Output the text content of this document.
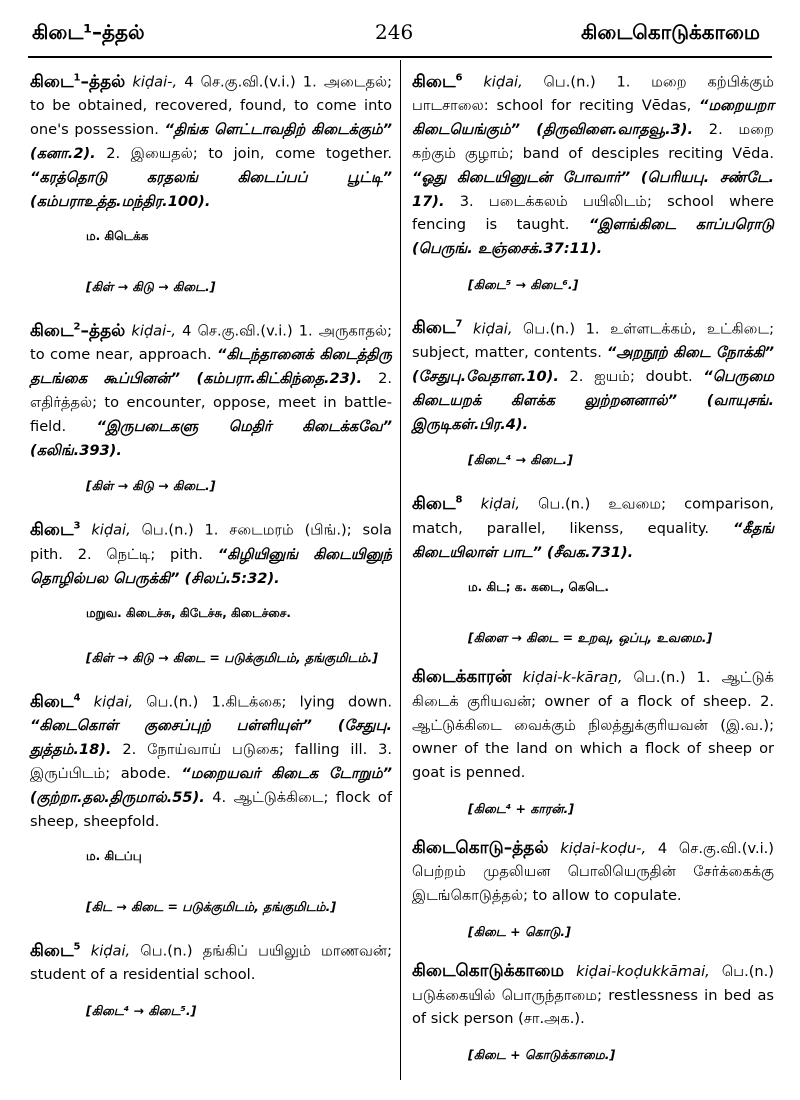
கிடை¹–த்தல்	246	கிடைகொடுக்காமை

கிடை$^1$–த்தல் kiḍai-, 4 செ.கு.வி.(v.i.) 1. அடைதல்; to be obtained, recovered, found, to come into one's possession. “திங்க ளெட்டாவதிற் கிடைக்கும்” (கனா.2). 2. இயைதல்; to join, come together. “கரத்தொடு கரதலங் கிடைப்பப் பூட்டி” (கம்பராஉத்த.மந்திர.100).

ம. கிடெக்க
[கிள் → கிடு → கிடை.]

கிடை$^2$–த்தல் kiḍai-, 4 செ.கு.வி.(v.i.) 1. அருகாதல்; to come near, approach. “கிடந்தானைக் கிடைத்திரு தடங்கை கூப்பினன்” (கம்பரா.கிட்கிந்தை.23). 2. எதிர்த்தல்; to encounter, oppose, meet in battle-field. “இருபடைகளு மெதிர் கிடைக்கவே” (கலிங்.393).

[கிள் → கிடு → கிடை.]

கிடை$^3$ kiḍai, பெ.(n.) 1. சடைமரம் (பிங்.); sola pith. 2. நெட்டி; pith. “கிழியினுங் கிடையினுந் தொழில்பல பெருக்கி” (சிலப்.5:32).

மறுவ. கிடைச்சு, கிடேச்சு, கிடைச்சை.
[கிள் → கிடு → கிடை = படுக்குமிடம், தங்குமிடம்.]

கிடை$^4$ kiḍai, பெ.(n.) 1.கிடக்கை; lying down. “கிடைகொள் குசைப்புற் பள்ளியுள்” (சேதுபு. துத்தம்.18). 2. நோய்வாய் படுகை; falling ill. 3. இருப்பிடம்; abode. “மறையவர் கிடைக டோறும்” (குற்றா.தல.திருமால்.55). 4. ஆட்டுக்கிடை; flock of sheep, sheepfold.

ம. கிடப்பு
[கிட → கிடை = படுக்குமிடம், தங்குமிடம்.]

கிடை$^5$ kiḍai, பெ.(n.) தங்கிப் பயிலும் மாணவன்; student of a residential school.

[கிடை⁴ → கிடை⁵.]

கிடை$^6$ kiḍai, பெ.(n.) 1. மறை கற்பிக்கும் பாடசாலை: school for reciting Vēdas, “மறையறா கிடையெங்கும்” (திருவிளை.வாதவூ.3). 2. மறை கற்கும் குழாம்; band of desciples reciting Vēda. “ஓது கிடையினுடன் போவார்” (பெரியபு. சண்டே. 17). 3. படைக்கலம் பயிலிடம்; school where fencing is taught. “இளங்கிடை காப்பரொடு (பெருங். உஞ்சைக்.37:11).

[கிடை⁵ → கிடை⁶.]

கிடை$^7$ kiḍai, பெ.(n.) 1. உள்ளடக்கம், உட்கிடை; subject, matter, contents. “அறநூற் கிடை நோக்கி” (சேதுபு.வேதாள.10). 2. ஐயம்; doubt. “பெருமை கிடையறக் கிளக்க லுற்றனனால்” (வாயுசங். இருடிகள்.பிர.4).

[கிடை⁴ → கிடை.]

கிடை$^8$ kiḍai, பெ.(n.) உவமை; comparison, match, parallel, likenss, equality. “கீதங் கிடையிலாள் பாட” (சீவக.731).

ம. கிட; க. கடை, கெடெ.
[கிளை → கிடை = உறவு, ஒப்பு, உவமை.]

கிடைக்காரன் kiḍai-k-kāraṉ, பெ.(n.) 1. ஆட்டுக் கிடைக் குரியவன்; owner of a flock of sheep. 2. ஆட்டுக்கிடை வைக்கும் நிலத்துக்குரியவன் (இ.வ.); owner of the land on which a flock of sheep or goat is penned.

[கிடை⁴ + காரன்.]

கிடைகொடு–த்தல் kiḍai-koḍu-, 4 செ.கு.வி.(v.i.) பெற்றம் முதலியன பொலியெருதின் சேர்க்கைக்கு இடங்கொடுத்தல்; to allow to copulate.

[கிடை + கொடு.]

கிடைகொடுக்காமை kiḍai-koḍukkāmai, பெ.(n.) படுக்கையில் பொருந்தாமை; restlessness in bed as of sick person (சா.அக.).

[கிடை + கொடுக்காமை.]
